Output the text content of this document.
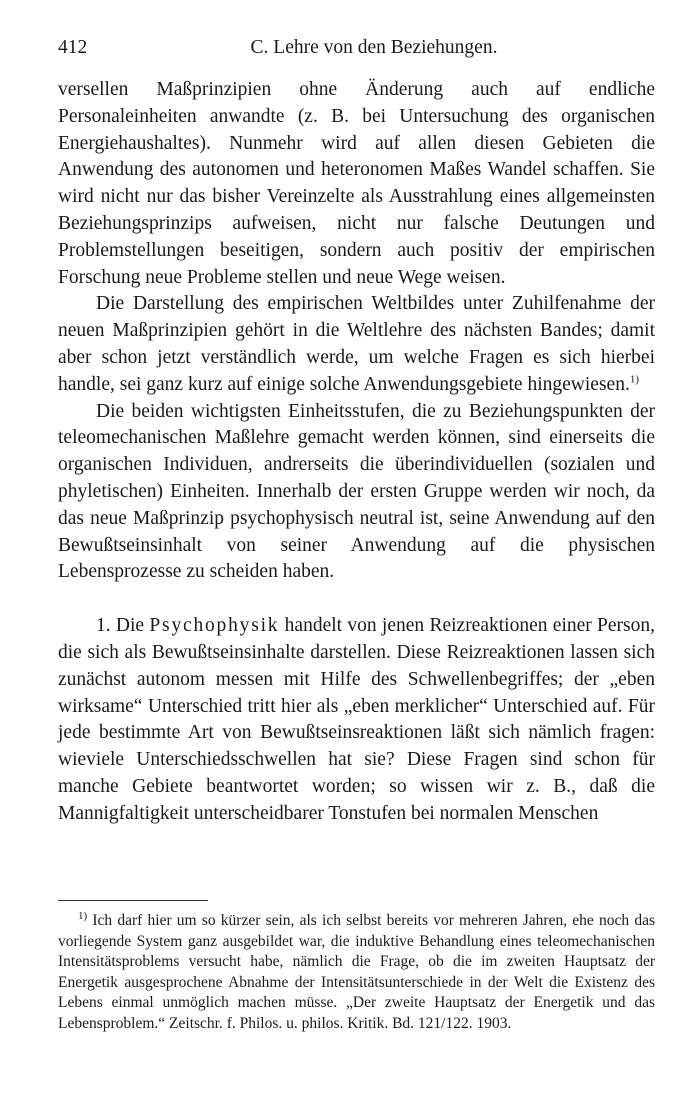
412	C. Lehre von den Beziehungen.

versellen Maßprinzipien ohne Änderung auch auf endliche Personaleinheiten anwandte (z. B. bei Untersuchung des organischen Energiehaushaltes). Nunmehr wird auf allen diesen Gebieten die Anwendung des autonomen und heteronomen Maßes Wandel schaffen. Sie wird nicht nur das bisher Vereinzelte als Ausstrahlung eines allgemeinsten Beziehungsprinzips aufweisen, nicht nur falsche Deutungen und Problemstellungen beseitigen, sondern auch positiv der empirischen Forschung neue Probleme stellen und neue Wege weisen.

Die Darstellung des empirischen Weltbildes unter Zuhilfenahme der neuen Maßprinzipien gehört in die Weltlehre des nächsten Bandes; damit aber schon jetzt verständlich werde, um welche Fragen es sich hierbei handle, sei ganz kurz auf einige solche Anwendungsgebiete hingewiesen.$^{1)}$

Die beiden wichtigsten Einheitsstufen, die zu Beziehungspunkten der teleomechanischen Maßlehre gemacht werden können, sind einerseits die organischen Individuen, andrerseits die überindividuellen (sozialen und phyletischen) Einheiten. Innerhalb der ersten Gruppe werden wir noch, da das neue Maßprinzip psychophysisch neutral ist, seine Anwendung auf den Bewußtseinsinhalt von seiner Anwendung auf die physischen Lebensprozesse zu scheiden haben.

1. Die Psychophysik handelt von jenen Reizreaktionen einer Person, die sich als Bewußtseinsinhalte darstellen. Diese Reizreaktionen lassen sich zunächst autonom messen mit Hilfe des Schwellenbegriffes; der „eben wirksame“ Unterschied tritt hier als „eben merklicher“ Unterschied auf. Für jede bestimmte Art von Bewußtseinsreaktionen läßt sich nämlich fragen: wieviele Unterschiedsschwellen hat sie? Diese Fragen sind schon für manche Gebiete beantwortet worden; so wissen wir z. B., daß die Mannigfaltigkeit unterscheidbarer Tonstufen bei normalen Menschen

$^{1)}$ Ich darf hier um so kürzer sein, als ich selbst bereits vor mehreren Jahren, ehe noch das vorliegende System ganz ausgebildet war, die induktive Behandlung eines teleomechanischen Intensitätsproblems versucht habe, nämlich die Frage, ob die im zweiten Hauptsatz der Energetik ausgesprochene Abnahme der Intensitätsunterschiede in der Welt die Existenz des Lebens einmal unmöglich machen müsse. „Der zweite Hauptsatz der Energetik und das Lebensproblem.“ Zeitschr. f. Philos. u. philos. Kritik. Bd. 121/122. 1903.
